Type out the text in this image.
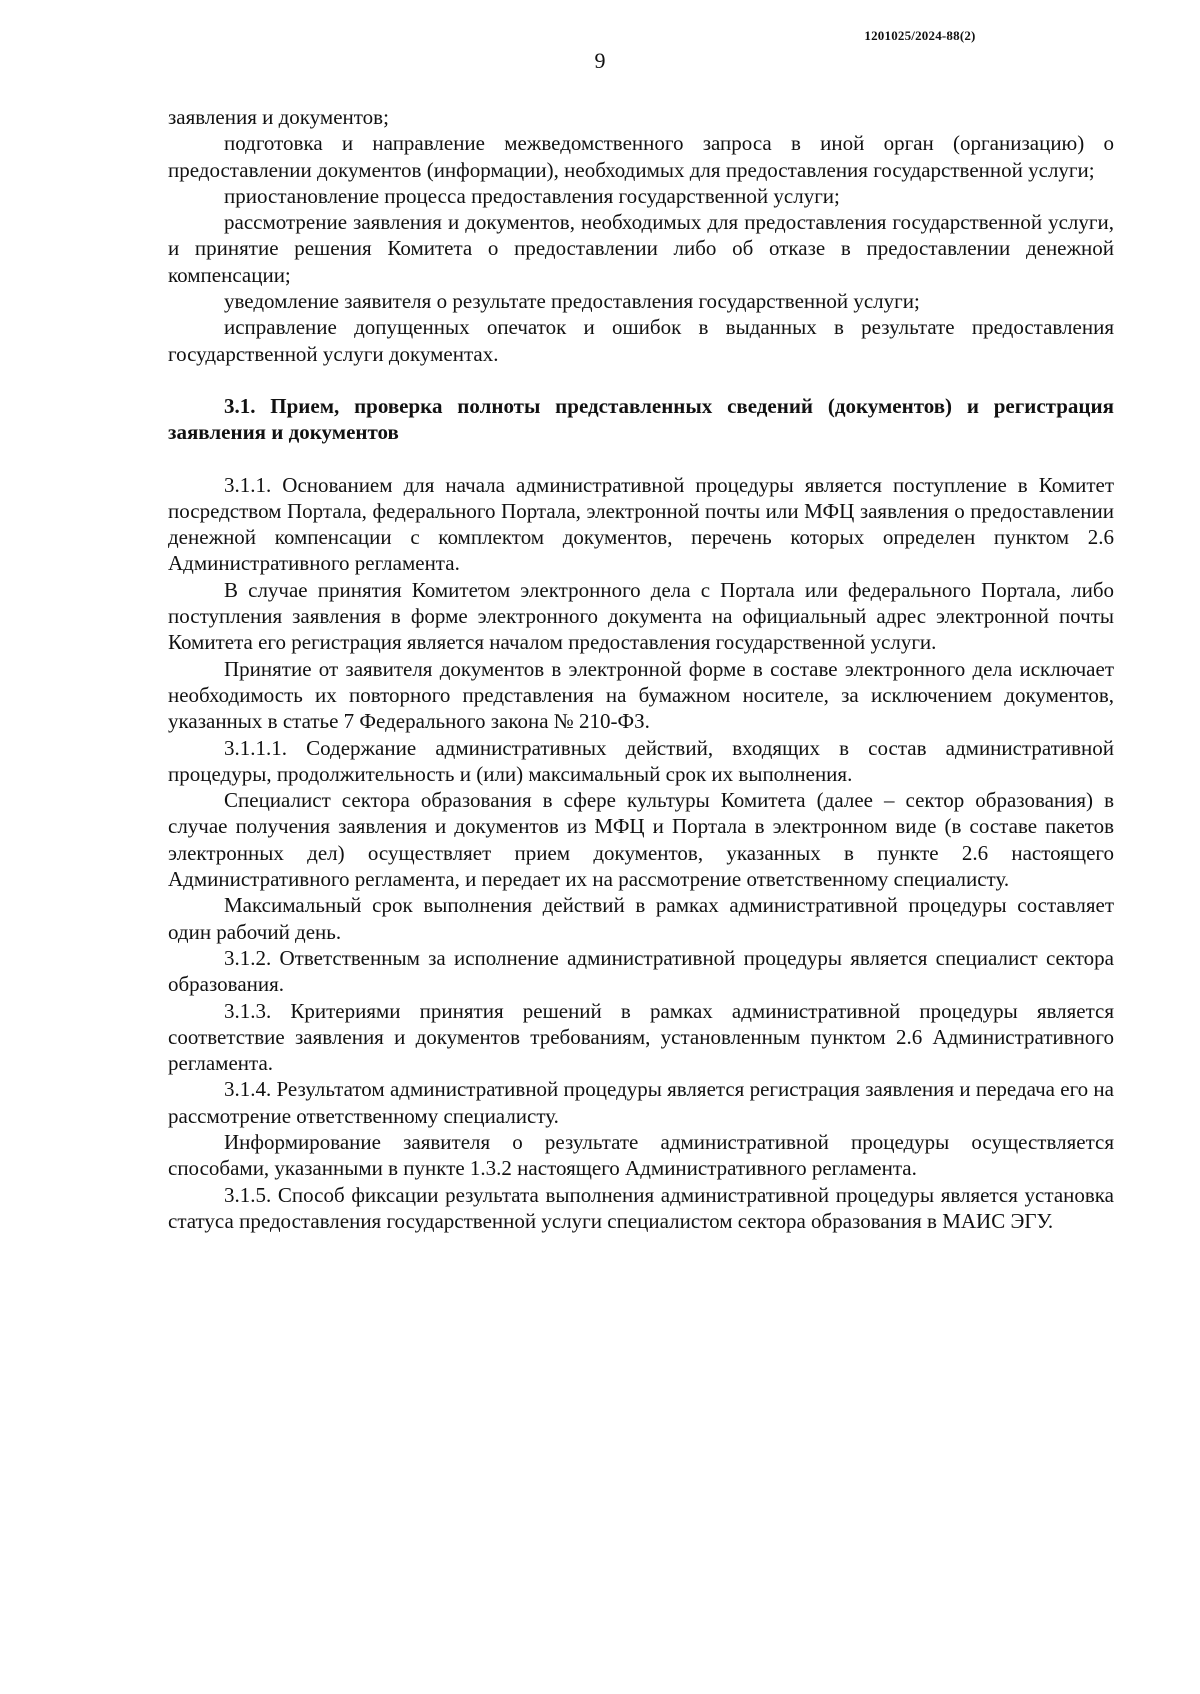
1201025/2024-88(2)
9

заявления и документов;

подготовка и направление межведомственного запроса в иной орган (организацию) о предоставлении документов (информации), необходимых для предоставления государственной услуги;

приостановление процесса предоставления государственной услуги;

рассмотрение заявления и документов, необходимых для предоставления государственной услуги, и принятие решения Комитета о предоставлении либо об отказе в предоставлении денежной компенсации;

уведомление заявителя о результате предоставления государственной услуги;

исправление допущенных опечаток и ошибок в выданных в результате предоставления государственной услуги документах.

3.1. Прием, проверка полноты представленных сведений (документов) и регистрация заявления и документов

3.1.1. Основанием для начала административной процедуры является поступление в Комитет посредством Портала, федерального Портала, электронной почты или МФЦ заявления о предоставлении денежной компенсации с комплектом документов, перечень которых определен пунктом 2.6 Административного регламента.

В случае принятия Комитетом электронного дела с Портала или федерального Портала, либо поступления заявления в форме электронного документа на официальный адрес электронной почты Комитета его регистрация является началом предоставления государственной услуги.

Принятие от заявителя документов в электронной форме в составе электронного дела исключает необходимость их повторного представления на бумажном носителе, за исключением документов, указанных в статье 7 Федерального закона № 210-ФЗ.

3.1.1.1. Содержание административных действий, входящих в состав административной процедуры, продолжительность и (или) максимальный срок их выполнения.

Специалист сектора образования в сфере культуры Комитета (далее – сектор образования) в случае получения заявления и документов из МФЦ и Портала в электронном виде (в составе пакетов электронных дел) осуществляет прием документов, указанных в пункте 2.6 настоящего Административного регламента, и передает их на рассмотрение ответственному специалисту.

Максимальный срок выполнения действий в рамках административной процедуры составляет один рабочий день.

3.1.2. Ответственным за исполнение административной процедуры является специалист сектора образования.

3.1.3. Критериями принятия решений в рамках административной процедуры является соответствие заявления и документов требованиям, установленным пунктом 2.6 Административного регламента.

3.1.4. Результатом административной процедуры является регистрация заявления и передача его на рассмотрение ответственному специалисту.

Информирование заявителя о результате административной процедуры осуществляется способами, указанными в пункте 1.3.2 настоящего Административного регламента.

3.1.5. Способ фиксации результата выполнения административной процедуры является установка статуса предоставления государственной услуги специалистом сектора образования в МАИС ЭГУ.
